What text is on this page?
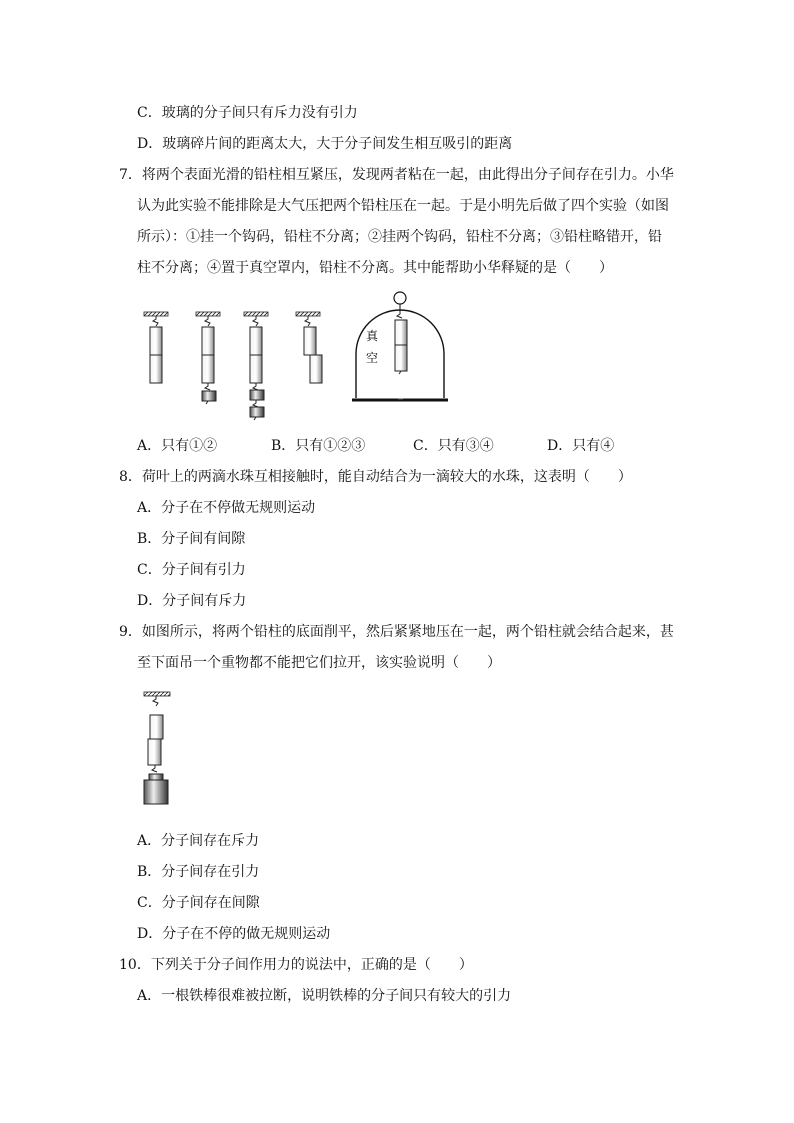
C．玻璃的分子间只有斥力没有引力
D．玻璃碎片间的距离太大，大于分子间发生相互吸引的距离
7．将两个表面光滑的铅柱相互紧压，发现两者粘在一起，由此得出分子间存在引力。小华
认为此实验不能排除是大气压把两个铅柱压在一起。于是小明先后做了四个实验（如图
所示）：①挂一个钩码，铅柱不分离；②挂两个钩码，铅柱不分离；③铅柱略错开，铅
柱不分离；④置于真空罩内，铅柱不分离。其中能帮助小华释疑的是（　　）
真
空
A．只有①②	B．只有①②③	C．只有③④	D．只有④
8．荷叶上的两滴水珠互相接触时，能自动结合为一滴较大的水珠，这表明（　　）
A．分子在不停做无规则运动
B．分子间有间隙
C．分子间有引力
D．分子间有斥力
9．如图所示，将两个铅柱的底面削平，然后紧紧地压在一起，两个铅柱就会结合起来，甚
至下面吊一个重物都不能把它们拉开，该实验说明（　　）
A．分子间存在斥力
B．分子间存在引力
C．分子间存在间隙
D．分子在不停的做无规则运动
10．下列关于分子间作用力的说法中，正确的是（　　）
A．一根铁棒很难被拉断，说明铁棒的分子间只有较大的引力
